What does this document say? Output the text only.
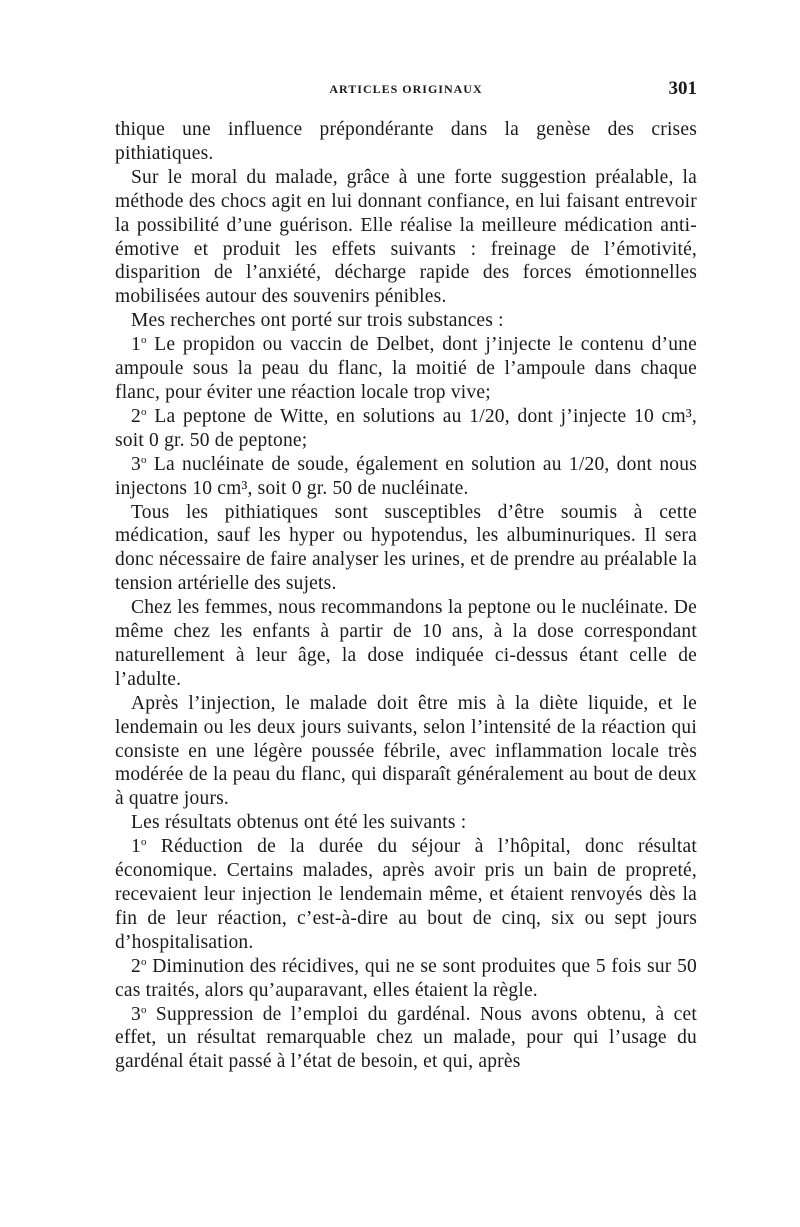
ARTICLES ORIGINAUX	301

thique une influence prépondérante dans la genèse des crises pithiatiques.

Sur le moral du malade, grâce à une forte suggestion préalable, la méthode des chocs agit en lui donnant confiance, en lui faisant entrevoir la possibilité d’une guérison. Elle réalise la meilleure médication anti-émotive et produit les effets suivants : freinage de l’émotivité, disparition de l’anxiété, décharge rapide des forces émotionnelles mobilisées autour des souvenirs pénibles.

Mes recherches ont porté sur trois substances :

1$^o$ Le propidon ou vaccin de Delbet, dont j’injecte le contenu d’une ampoule sous la peau du flanc, la moitié de l’ampoule dans chaque flanc, pour éviter une réaction locale trop vive;

2$^o$ La peptone de Witte, en solutions au 1/20, dont j’injecte 10 cm³, soit 0 gr. 50 de peptone;

3$^o$ La nucléinate de soude, également en solution au 1/20, dont nous injectons 10 cm³, soit 0 gr. 50 de nucléinate.

Tous les pithiatiques sont susceptibles d’être soumis à cette médication, sauf les hyper ou hypotendus, les albuminuriques. Il sera donc nécessaire de faire analyser les urines, et de prendre au préalable la tension artérielle des sujets.

Chez les femmes, nous recommandons la peptone ou le nucléinate. De même chez les enfants à partir de 10 ans, à la dose correspondant naturellement à leur âge, la dose indiquée ci-dessus étant celle de l’adulte.

Après l’injection, le malade doit être mis à la diète liquide, et le lendemain ou les deux jours suivants, selon l’intensité de la réaction qui consiste en une légère poussée fébrile, avec inflammation locale très modérée de la peau du flanc, qui disparaît généralement au bout de deux à quatre jours.

Les résultats obtenus ont été les suivants :

1$^o$ Réduction de la durée du séjour à l’hôpital, donc résultat économique. Certains malades, après avoir pris un bain de propreté, recevaient leur injection le lendemain même, et étaient renvoyés dès la fin de leur réaction, c’est-à-dire au bout de cinq, six ou sept jours d’hospitalisation.

2$^o$ Diminution des récidives, qui ne se sont produites que 5 fois sur 50 cas traités, alors qu’auparavant, elles étaient la règle.

3$^o$ Suppression de l’emploi du gardénal. Nous avons obtenu, à cet effet, un résultat remarquable chez un malade, pour qui l’usage du gardénal était passé à l’état de besoin, et qui, après
